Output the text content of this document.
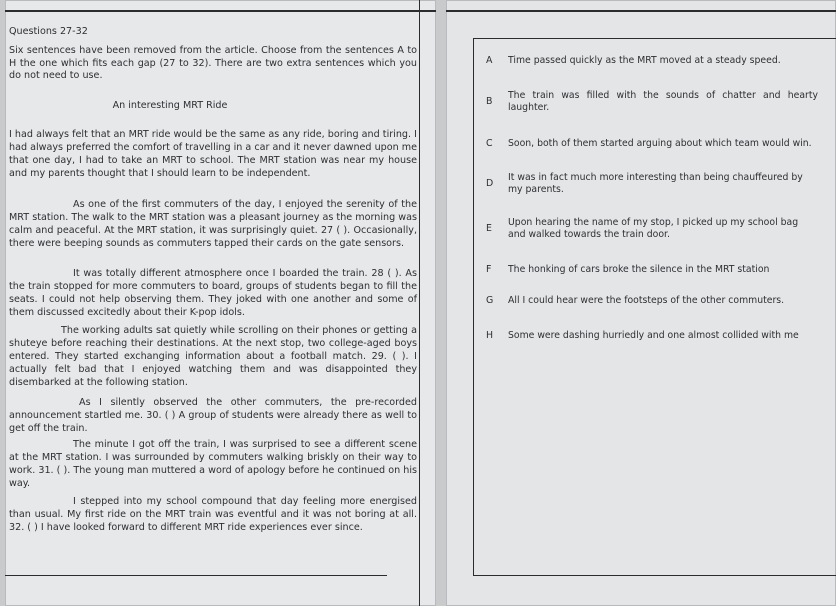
Questions 27-32
Six sentences have been removed from the article. Choose from the sentences A to H the one which fits each gap (27 to 32). There are two extra sentences which you do not need to use.
An interesting MRT Ride
I had always felt that an MRT ride would be the same as any ride, boring and tiring. I had always preferred the comfort of travelling in a car and it never dawned upon me that one day, I had to take an MRT to school. The MRT station was near my house and my parents thought that I should learn to be independent.
As one of the first commuters of the day, I enjoyed the serenity of the MRT station. The walk to the MRT station was a pleasant journey as the morning was calm and peaceful. At the MRT station, it was surprisingly quiet. 27 ( ). Occasionally, there were beeping sounds as commuters tapped their cards on the gate sensors.
It was totally different atmosphere once I boarded the train. 28 ( ). As the train stopped for more commuters to board, groups of students began to fill the seats. I could not help observing them. They joked with one another and some of them discussed excitedly about their K-pop idols.
The working adults sat quietly while scrolling on their phones or getting a shuteye before reaching their destinations. At the next stop, two college-aged boys entered. They started exchanging information about a football match. 29. ( ). I actually felt bad that I enjoyed watching them and was disappointed they disembarked at the following station.
As I silently observed the other commuters, the pre-recorded announcement startled me. 30. ( ) A group of students were already there as well to get off the train.
The minute I got off the train, I was surprised to see a different scene at the MRT station. I was surrounded by commuters walking briskly on their way to work. 31. ( ). The young man muttered a word of apology before he continued on his way.
I stepped into my school compound that day feeling more energised than usual. My first ride on the MRT train was eventful and it was not boring at all. 32. ( ) I have looked forward to different MRT ride experiences ever since.
A Time passed quickly as the MRT moved at a steady speed.
B
The train was filled with the sounds of chatter and hearty laughter.
C Soon, both of them started arguing about which team would win.
D
It was in fact much more interesting than being chauffeured by my parents.
E
Upon hearing the name of my stop, I picked up my school bag and walked towards the train door.
F The honking of cars broke the silence in the MRT station
G All I could hear were the footsteps of the other commuters.
H Some were dashing hurriedly and one almost collided with me
